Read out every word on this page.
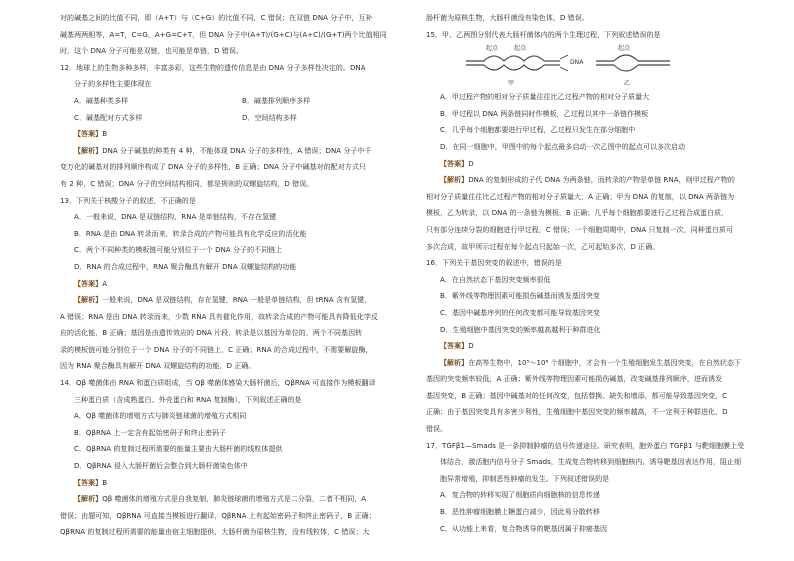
对的碱基之间的比值不同，即（A+T）与（C+G）的比值不同，C 错误；在双链 DNA 分子中，互补
碱基两两相等，A=T，C=G，A+G=C+T，但 DNA 分子中(A+T)/(G+C)与(A+C)/(G+T)两个比值相同
时，这个 DNA 分子可能是双链，也可能是单链，D 错误。
12．地球上的生物多种多样，丰富多彩，这些生物的遗传信息是由 DNA 分子多样性决定的。DNA
分子的多样性主要体现在
A．碱基种类多样	B．碱基排列顺序多样
C．碱基配对方式多样	D．空间结构多样
【答案】B
【解析】DNA 分子碱基的种类有 4 种，不能体现 DNA 分子的多样性，A 错误；DNA 分子中千
变万化的碱基对的排列顺序构成了 DNA 分子的多样性，B 正确；DNA 分子中碱基对的配对方式只
有 2 种，C 错误；DNA 分子的空间结构相同，都是规则的双螺旋结构，D 错误。
13．下列关于核酸分子的叙述，不正确的是
A．一般来说，DNA 是双链结构，RNA 是单链结构，不存在氢键
B．RNA 是由 DNA 转录而来，转录合成的产物可能具有化学反应的活化能
C．两个不同种类的模板链可能分别位于一个 DNA 分子的不同链上
D．RNA 的合成过程中，RNA 聚合酶具有解开 DNA 双螺旋结构的功能
【答案】A
【解析】一般来说，DNA 是双链结构，存在氢键，RNA 一般是单链结构，但 tRNA 含有氢键，
A 错误；RNA 是由 DNA 转录而来，少数 RNA 具有催化作用，故转录合成的产物可能具有降低化学反
应的活化能，B 正确；基因是由遗传效应的 DNA 片段，转录是以基因为单位的，两个不同基因转
录的模板链可能分别位于一个 DNA 分子的不同链上，C 正确；RNA 的合成过程中，不需要解旋酶，
因为 RNA 聚合酶具有解开 DNA 双螺旋结构的功能，D 正确。
14．Qβ 噬菌体由 RNA 和蛋白质组成，当 Qβ 噬菌体感染大肠杆菌后，QβRNA 可直接作为模板翻译
三种蛋白质（含成熟蛋白、外壳蛋白和 RNA 复制酶），下列叙述正确的是
A．Qβ 噬菌体的增殖方式与肺炎链球菌的增殖方式相同
B．QβRNA 上一定含有起始密码子和终止密码子
C．QβRNA 的复制过程所需要的能量主要由大肠杆菌的线粒体提供
D．QβRNA 侵入大肠杆菌后会整合到大肠杆菌染色体中
【答案】B
【解析】Qβ 噬菌体的增殖方式是自我复制，肺炎链球菌的增殖方式是二分裂，二者不相同，A
错误；由题可知，QβRNA 可直接当模板进行翻译，QβRNA 上有起始密码子和终止密码子，B 正确；
QβRNA 的复制过程所需要的能量由宿主细胞提供，大肠杆菌为原核生物，没有线粒体，C 错误；大
肠杆菌为原核生物，大肠杆菌没有染色体，D 错误。
15．甲、乙两图分别代表大肠杆菌体内的两个生理过程，下列叙述错误的是
起点	起点
DNA
甲
起点
乙
A．甲过程产物的相对分子质量往往比乙过程产物的相对分子质量大
B．甲过程以 DNA 两条链同时作模板，乙过程以其中一条链作模板
C．几乎每个细胞都要进行甲过程，乙过程只发生在部分细胞中
D．在同一细胞中，甲图中的每个起点最多启动一次乙图中的起点可以多次启动
【答案】D
【解析】DNA 的复制形成的子代 DNA 为两条链，而转录的产物是单链 RNA，则甲过程产物的
相对分子质量往往比乙过程产物的相对分子质量大，A 正确；甲为 DNA 的复制，以 DNA 两条链为
模板，乙为转录，以 DNA 的一条链为模板，B 正确；几乎每个细胞都要进行乙过程合成蛋白质，
只有部分连续分裂的细胞进行甲过程，C 错误；一个细胞周期中，DNA 只复制一次，同种蛋白质可
多次合成，故甲所示过程在每个起点只起始一次，乙可起始多次，D 正确。
16．下列关于基因突变的叙述中，错误的是
A．在自然状态下基因突变频率很低
B．紫外线等物理因素可能损伤碱基而诱发基因突变
C．基因中碱基序列的任何改变都可能导致基因突变
D．生殖细胞中基因突变的频率越高越利于种群进化
【答案】D
【解析】在高等生物中，10⁵～10⁸ 个细胞中，才会有一个生殖细胞发生基因突变，在自然状态下
基因的突变频率较低，A 正确；紫外线等物理因素可能损伤碱基，改变碱基排列顺序，进而诱发
基因突变，B 正确；基因中碱基对的任何改变，包括替换、缺失和增添，都可能导致基因突变，C
正确；由于基因突变具有多害少利性，生殖细胞中基因突变的频率越高，不一定利于种群进化，D
错误。
17．TGFβ1—Smads 是一条抑制肿瘤的信号传递途径。研究表明，胞外蛋白 TGFβ1 与靶细胞膜上受
体结合，激活胞内信号分子 Smads，生成复合物转移到细胞核内，诱导靶基因表达作用，阻止细
胞异常增殖，抑制恶性肿瘤的发生。下列叙述错误的是
A．复合物的转移实现了细胞质向细胞核的信息传递
B．恶性肿瘤细胞膜上糖蛋白减少，因此易分散转移
C．从功能上来看，复合物诱导的靶基因属于抑癌基因
